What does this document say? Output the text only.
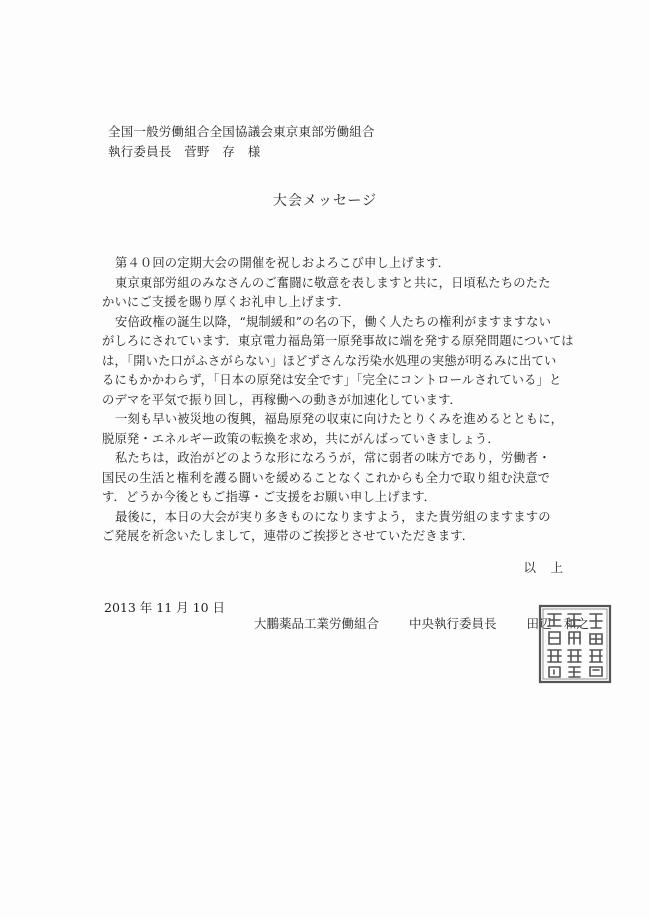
全国一般労働組合全国協議会東京東部労働組合
執行委員長　菅野　存　様
大会メッセージ

第４０回の定期大会の開催を祝しおよろこび申し上げます．

東京東部労組のみなさんのご奮闘に敬意を表しますと共に，日頃私たちのたた

かいにご支援を賜り厚くお礼申し上げます．

安倍政権の誕生以降，“規制緩和”の名の下，働く人たちの権利がますますない

がしろにされています．東京電力福島第一原発事故に端を発する原発問題については

は，「開いた口がふさがらない」ほどずさんな汚染水処理の実態が明るみに出てい

るにもかかわらず，「日本の原発は安全です」「完全にコントロールされている」と

のデマを平気で振り回し，再稼働への動きが加速化しています．

一刻も早い被災地の復興，福島原発の収束に向けたとりくみを進めるとともに，

脱原発・エネルギー政策の転換を求め，共にがんばっていきましょう．

私たちは，政治がどのような形になろうが，常に弱者の味方であり，労働者・

国民の生活と権利を護る闘いを緩めることなくこれからも全力で取り組む決意で

す．どうか今後ともご指導・ご支援をお願い申し上げます．

最後に，本日の大会が実り多きものになりますよう，また貴労組のますますの

ご発展を祈念いたしまして，連帯のご挨拶とさせていただきます．

以　上
2013 年 11 月 10 日
大鵬薬品工業労働組合 中央執行委員長 田辺　和之
